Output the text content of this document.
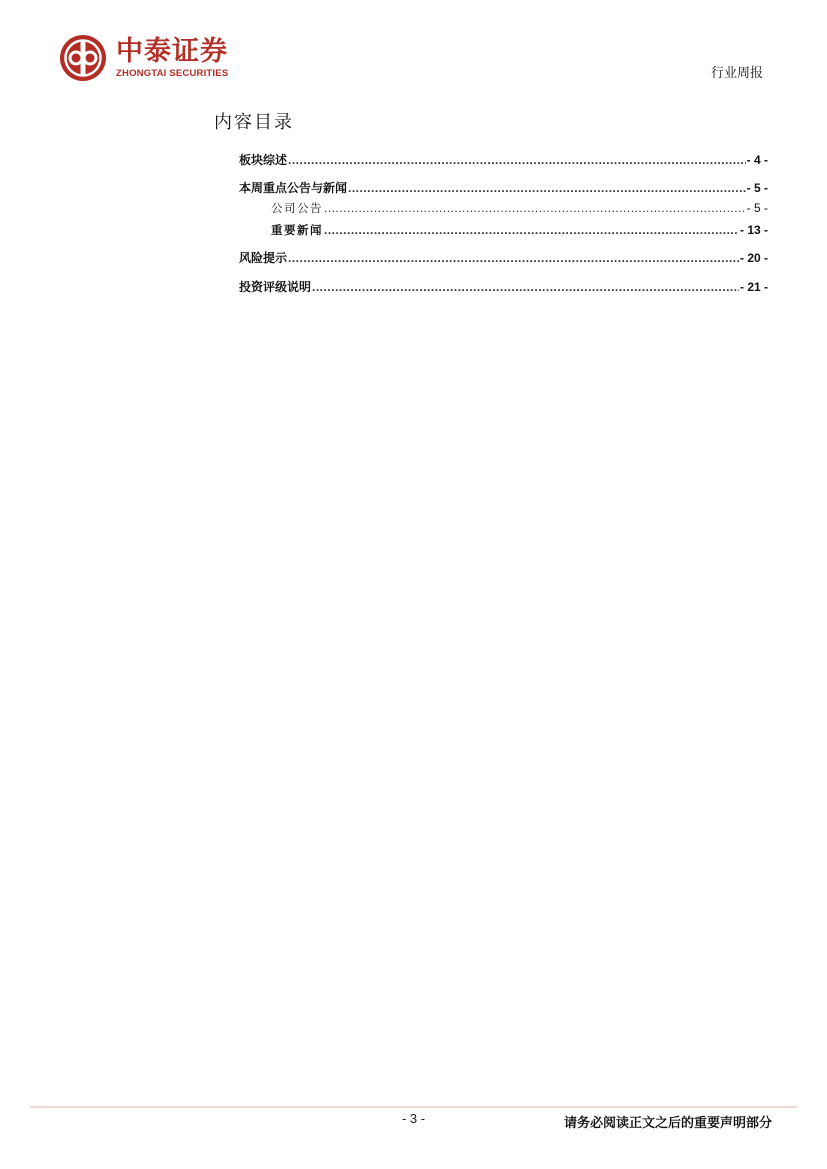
中泰证券
ZHONGTAI SECURITIES	行业周报
内容目录
板块综述 .....	- 4 -
本周重点公告与新闻 .....	- 5 -
公司公告 .....	- 5 -
重要新闻 .....	- 13 -
风险提示 .....	- 20 -
投资评级说明 .....	- 21 -
- 3 -	请务必阅读正文之后的重要声明部分
